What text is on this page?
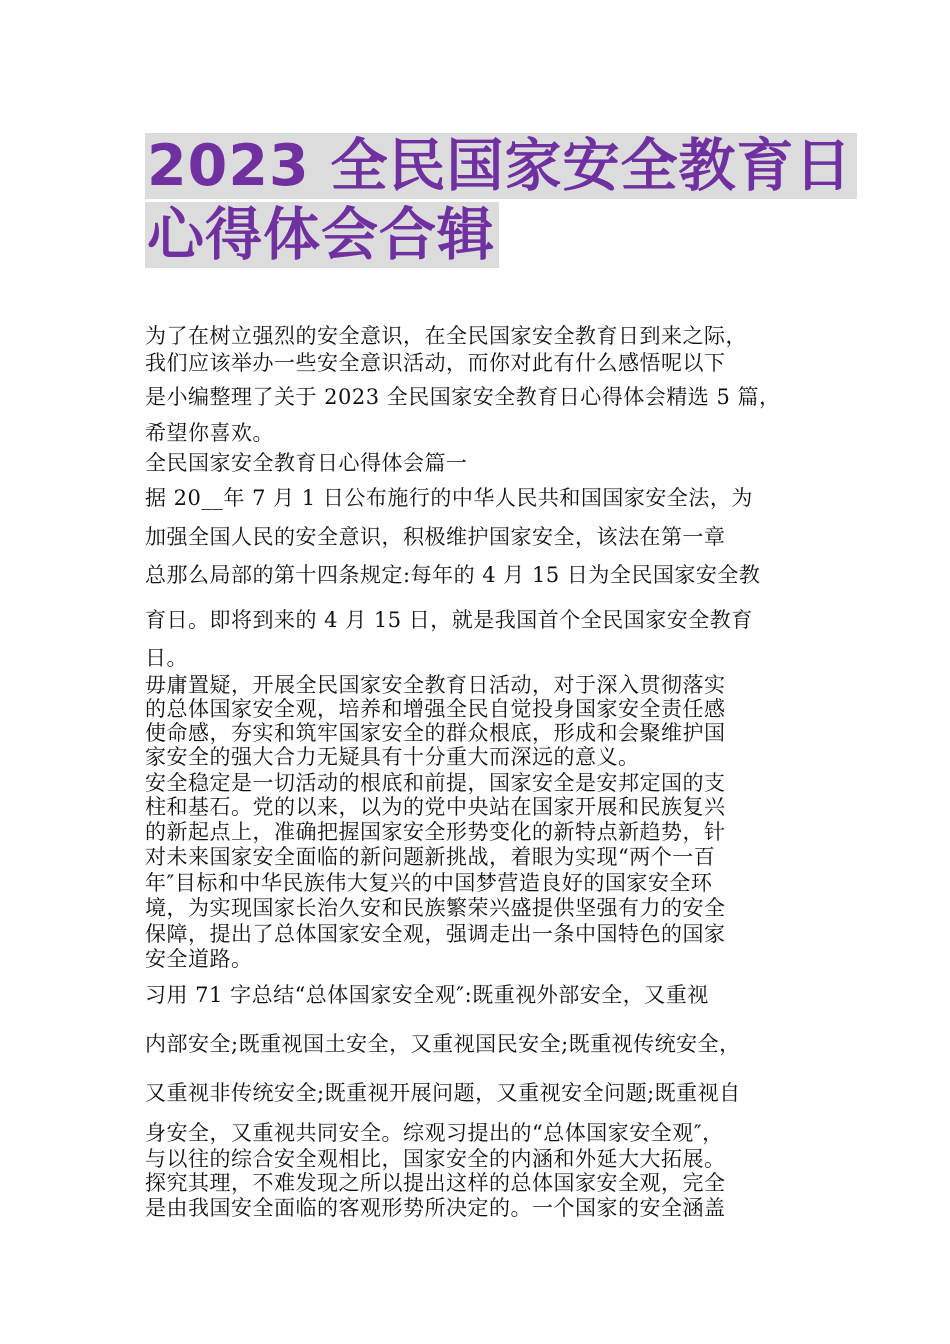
2023 全民国家安全教育日
心得体会合辑
为了在树立强烈的安全意识，在全民国家安全教育日到来之际，
我们应该举办一些安全意识活动，而你对此有什么感悟呢以下
是小编整理了关于 2023 全民国家安全教育日心得体会精选 5 篇，
希望你喜欢。
全民国家安全教育日心得体会篇一
据 20__年 7 月 1 日公布施行的中华人民共和国国家安全法，为
加强全国人民的安全意识，积极维护国家安全，该法在第一章
总那么局部的第十四条规定:每年的 4 月 15 日为全民国家安全教
育日。即将到来的 4 月 15 日，就是我国首个全民国家安全教育
日。
毋庸置疑，开展全民国家安全教育日活动，对于深入贯彻落实
的总体国家安全观，培养和增强全民自觉投身国家安全责任感
使命感，夯实和筑牢国家安全的群众根底，形成和会聚维护国
家安全的强大合力无疑具有十分重大而深远的意义。
安全稳定是一切活动的根底和前提，国家安全是安邦定国的支
柱和基石。党的以来，以为的党中央站在国家开展和民族复兴
的新起点上，准确把握国家安全形势变化的新特点新趋势，针
对未来国家安全面临的新问题新挑战，着眼为实现“两个一百
年″目标和中华民族伟大复兴的中国梦营造良好的国家安全环
境，为实现国家长治久安和民族繁荣兴盛提供坚强有力的安全
保障，提出了总体国家安全观，强调走出一条中国特色的国家
安全道路。
习用 71 字总结“总体国家安全观″:既重视外部安全，又重视
内部安全;既重视国土安全，又重视国民安全;既重视传统安全，
又重视非传统安全;既重视开展问题，又重视安全问题;既重视自
身安全，又重视共同安全。综观习提出的“总体国家安全观″，
与以往的综合安全观相比，国家安全的内涵和外延大大拓展。
探究其理，不难发现之所以提出这样的总体国家安全观，完全
是由我国安全面临的客观形势所决定的。一个国家的安全涵盖
